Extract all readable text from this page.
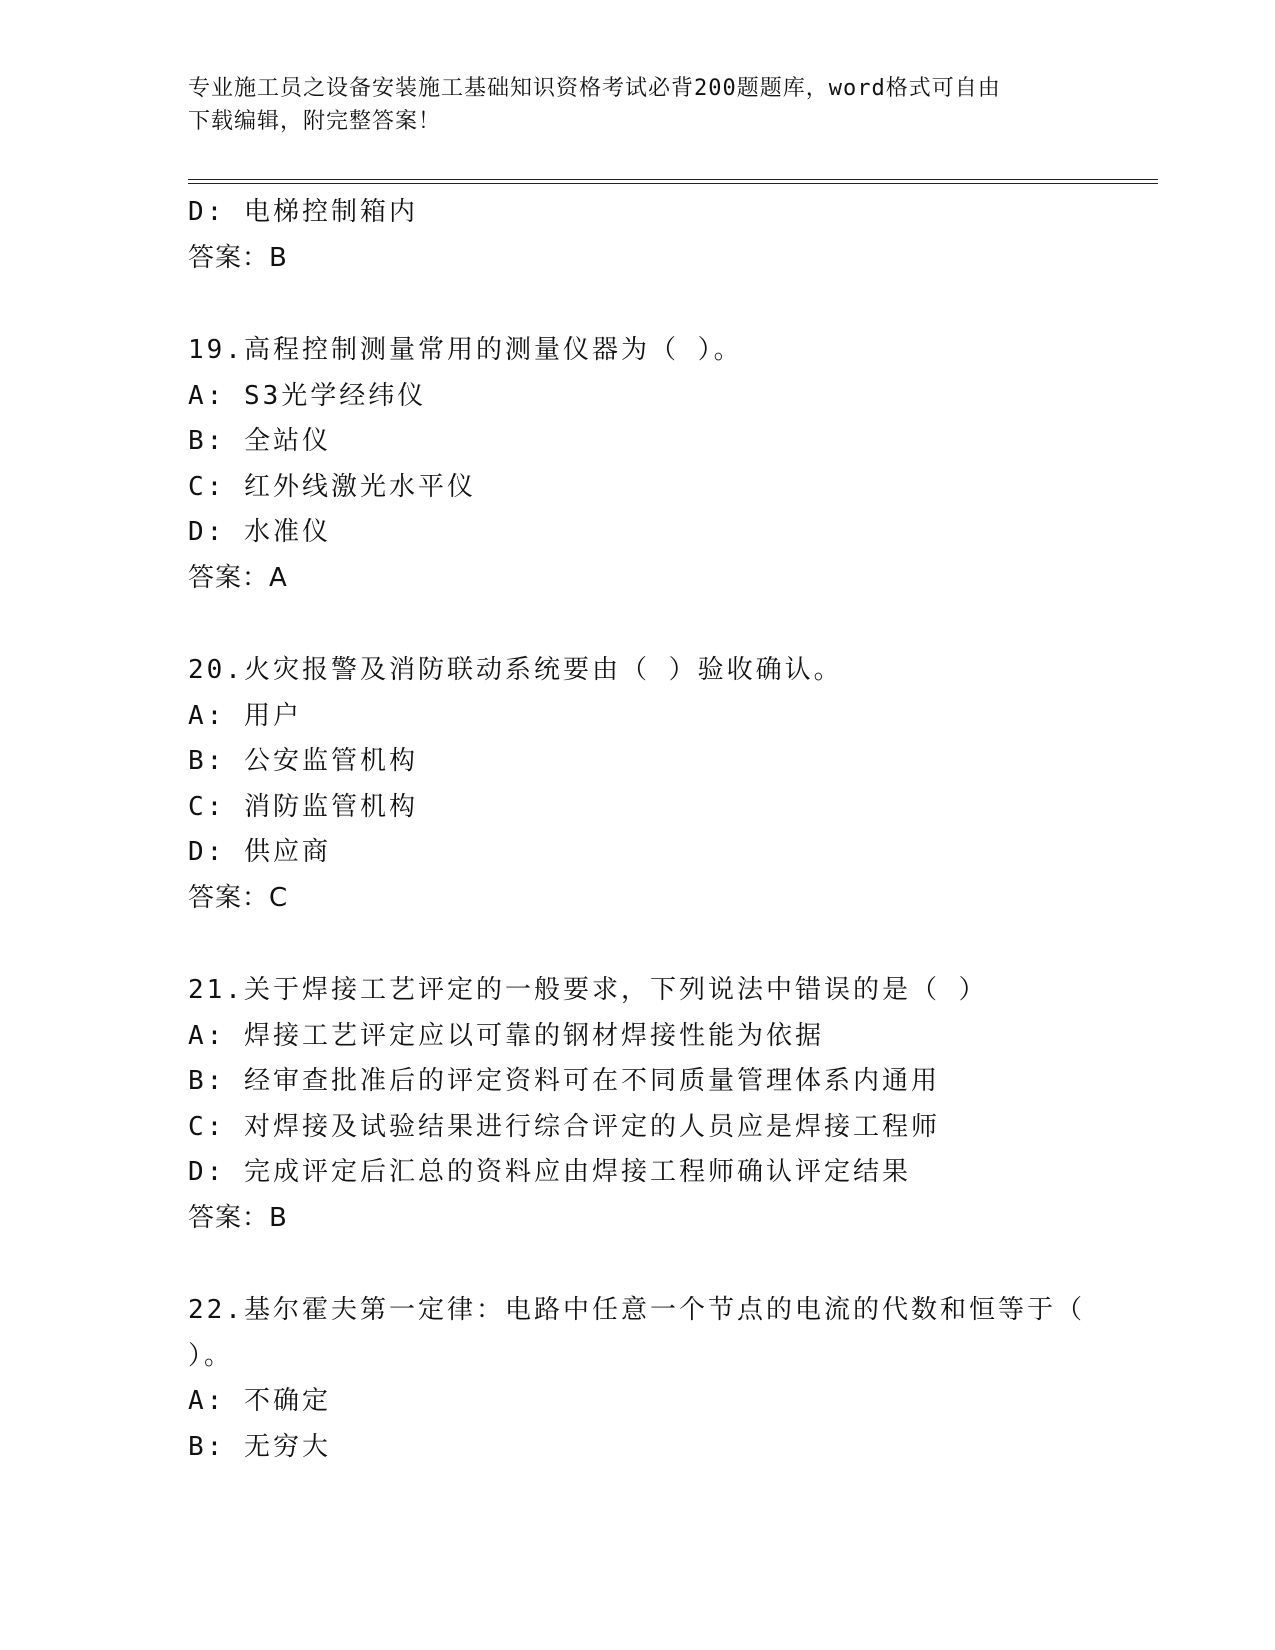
专业施工员之设备安装施工基础知识资格考试必背200题题库，word格式可自由
下载编辑，附完整答案！
D: 电梯控制箱内
答案：B
19.高程控制测量常用的测量仪器为（ ）。
A: S3光学经纬仪
B: 全站仪
C: 红外线激光水平仪
D: 水准仪
答案：A
20.火灾报警及消防联动系统要由（ ）验收确认。
A: 用户
B: 公安监管机构
C: 消防监管机构
D: 供应商
答案：C
21.关于焊接工艺评定的一般要求，下列说法中错误的是（ ）
A: 焊接工艺评定应以可靠的钢材焊接性能为依据
B: 经审查批准后的评定资料可在不同质量管理体系内通用
C: 对焊接及试验结果进行综合评定的人员应是焊接工程师
D: 完成评定后汇总的资料应由焊接工程师确认评定结果
答案：B
22.基尔霍夫第一定律：电路中任意一个节点的电流的代数和恒等于（
）。
A: 不确定
B: 无穷大
